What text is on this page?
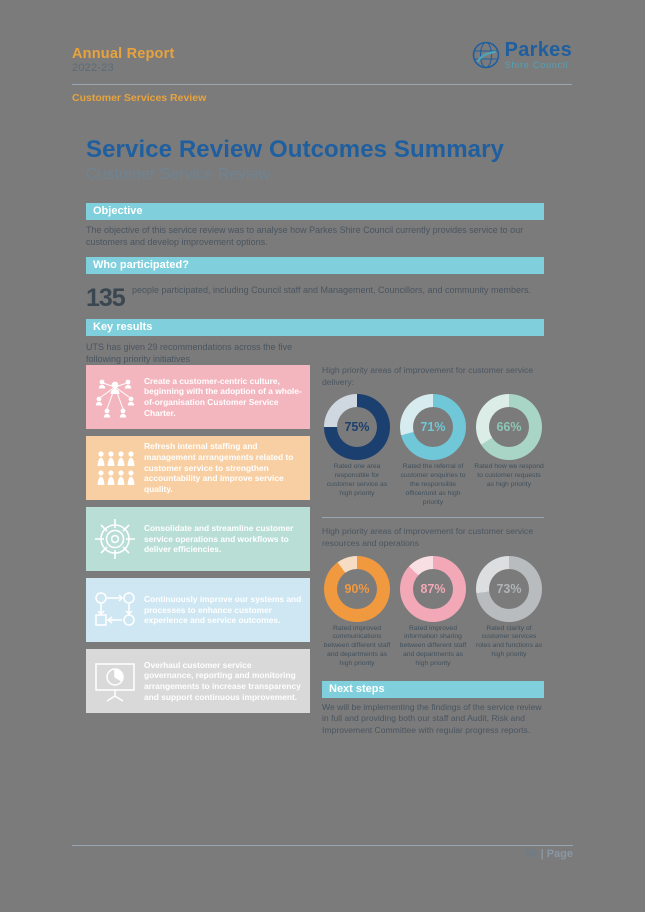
Annual Report
2022-23
Parkes
Shire Council
Customer Services Review
Service Review Outcomes Summary
Customer Service Review
Objective
The objective of this service review was to analyse how Parkes Shire Council currently provides service to our customers and develop improvement options.
Who participated?
135 people participated, including Council staff and Management, Councillors, and community members.
Key results
UTS has given 29 recommendations across the five following priority initiatives
Create a customer-centric culture, beginning with the adoption of a whole-of-organisation Customer Service Charter.
Refresh internal staffing and management arrangements related to customer service to strengthen accountability and improve service quality.
Consolidate and streamline customer service operations and workflows to deliver efficiencies.
Continuously improve our systems and processes to enhance customer experience and service outcomes.
Overhaul customer service governance, reporting and monitoring arrangements to increase transparency and support continuous improvement.
High priority areas of improvement for customer service delivery:
75%
Rated one area responsible for customer service as high priority
71%
Rated the referral of customer enquiries to the responsible officer/unit as high priority
66%
Rated how we respond to customer requests as high priority
High priority areas of improvement for customer service resources and operations
90%
Rated improved communications between different staff and departments as high priority
87%
Rated improved information sharing between different staff and departments as high priority
73%
Rated clarity of customer services roles and functions as high priority
Next steps
We will be implementing the findings of the service review in full and providing both our staff and Audit, Risk and Improvement Committee with regular progress reports.
88 | Page
